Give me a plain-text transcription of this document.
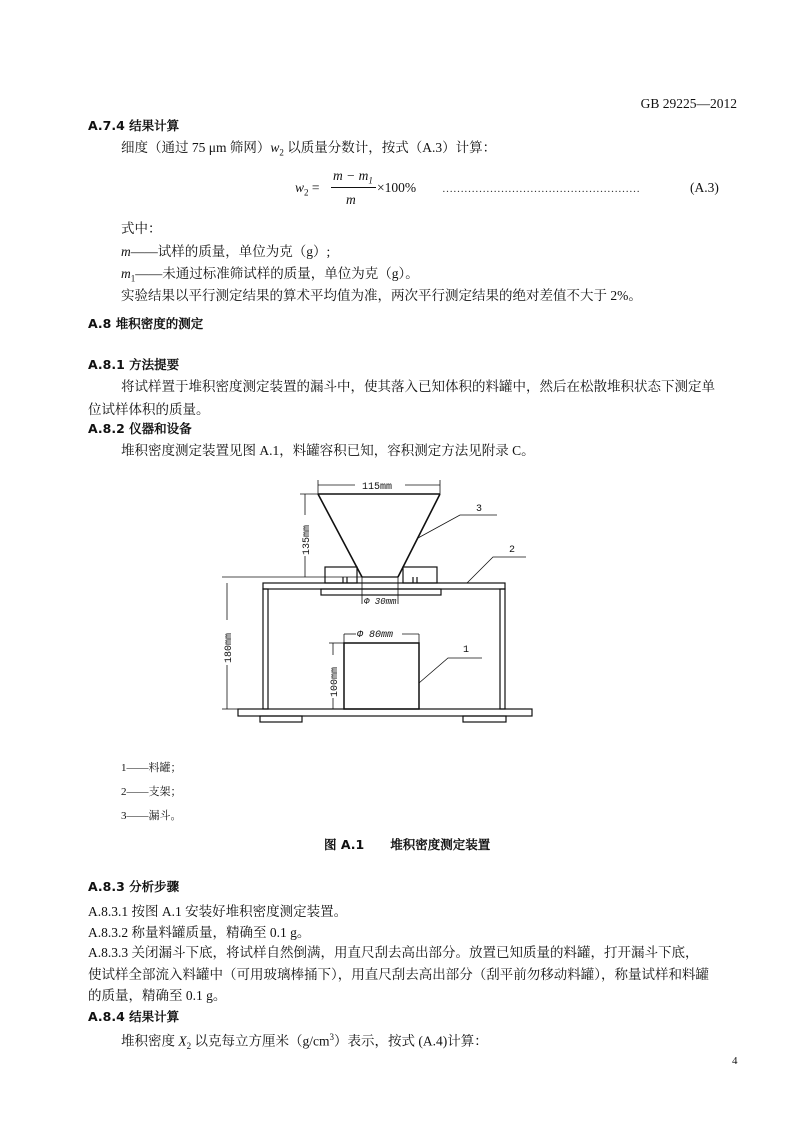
GB 29225—2012
A.7.4 结果计算
细度（通过 75 μm 筛网）$w_2$ 以质量分数计，按式（A.3）计算：
$w_2$ =
$m - m_1$
m
×100% ………………………………………………	(A.3)
式中：
m——试样的质量，单位为克（g）;
$m_1——$未通过标准筛试样的质量，单位为克（g）。
实验结果以平行测定结果的算术平均值为准，两次平行测定结果的绝对差值不大于 2%。
A.8 堆积密度的测定
A.8.1 方法提要
将试样置于堆积密度测定装置的漏斗中，使其落入已知体积的料罐中，然后在松散堆积状态下测定单
位试样体积的质量。
A.8.2 仪器和设备
堆积密度测定装置见图 A.1，料罐容积已知，容积测定方法见附录 C。
115mm
135mm
180mm
Φ 30mm
Φ 80mm
100mm
3
2
1
1——料罐；
2——支架；
3——漏斗。
图 A.1 堆积密度测定装置
A.8.3 分析步骤
A.8.3.1 按图 A.1 安装好堆积密度测定装置。
A.8.3.2 称量料罐质量，精确至 0.1 g。
A.8.3.3 关闭漏斗下底，将试样自然倒满，用直尺刮去高出部分。放置已知质量的料罐，打开漏斗下底，
使试样全部流入料罐中（可用玻璃棒捅下），用直尺刮去高出部分（刮平前勿移动料罐），称量试样和料罐
的质量，精确至 0.1 g。
A.8.4 结果计算
堆积密度 $X_2$ 以克每立方厘米$(g/cm^3)$表示，按式 (A.4)计算：
4
